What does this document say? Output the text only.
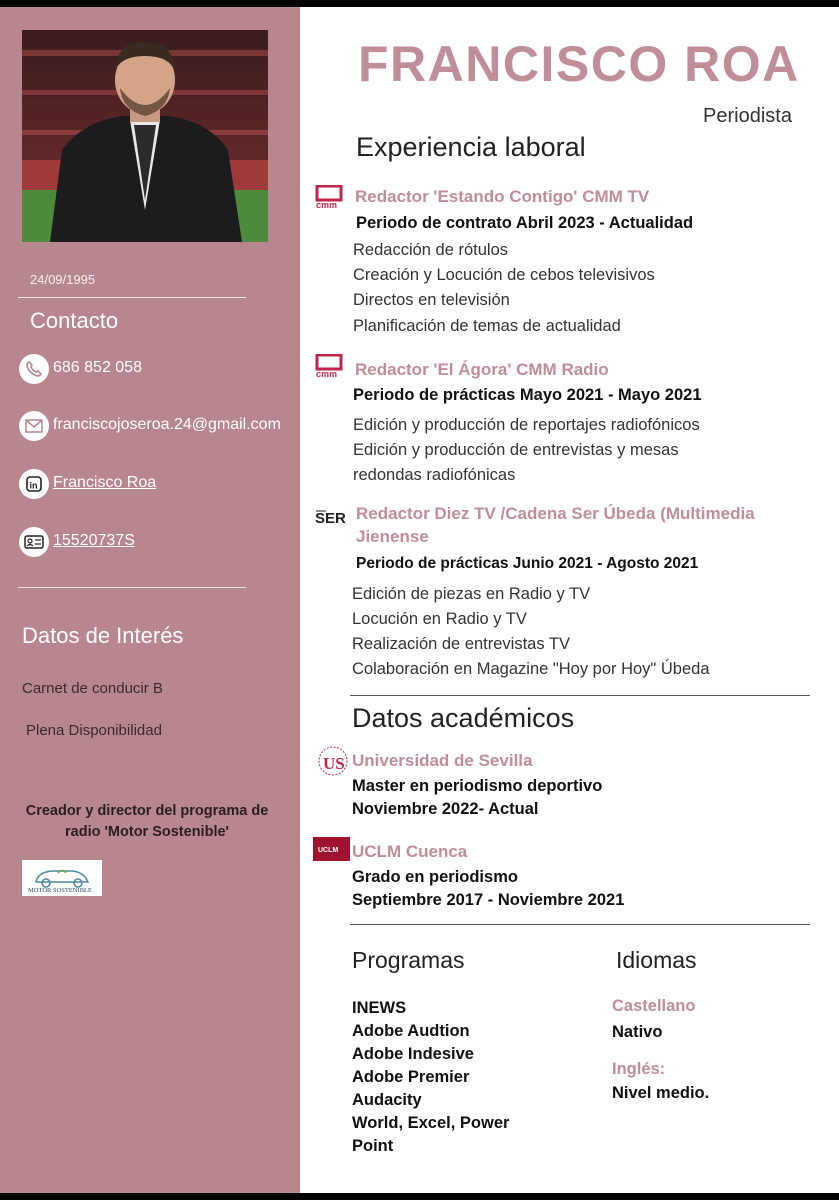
24/09/1995
Contacto
686 852 058
franciscojoseroa.24@gmail.com
in Francisco Roa
15520737S
Datos de Interés
Carnet de conducir B
Plena Disponibilidad
Creador y director del programa de radio 'Motor Sostenible'
MOTOR SOSTENIBLE
FRANCISCO ROA
Periodista
Experiencia laboral
cmm Redactor 'Estando Contigo' CMM TV
Periodo de contrato Abril 2023 - Actualidad
Redacción de rótulos
Creación y Locución de cebos televisivos
Directos en televisión
Planificación de temas de actualidad
cmm Redactor 'El Ágora' CMM Radio
Periodo de prácticas Mayo 2021 - Mayo 2021
Edición y producción de reportajes radiofónicos
Edición y producción de entrevistas y mesas
redondas radiofónicas
SER Redactor Diez TV /Cadena Ser Úbeda (Multimedia
Jienense
Periodo de prácticas Junio 2021 - Agosto 2021
Edición de piezas en Radio y TV
Locución en Radio y TV
Realización de entrevistas TV
Colaboración en Magazine "Hoy por Hoy" Úbeda
Datos académicos
US Universidad de Sevilla
Master en periodismo deportivo
Noviembre 2022- Actual
UCLM UCLM Cuenca
Grado en periodismo
Septiembre 2017 - Noviembre 2021
Programas
INEWS
Adobe Audtion
Adobe Indesive
Adobe Premier
Audacity
World, Excel, Power
Point
Idiomas
Castellano
Nativo
Inglés:
Nivel medio.
